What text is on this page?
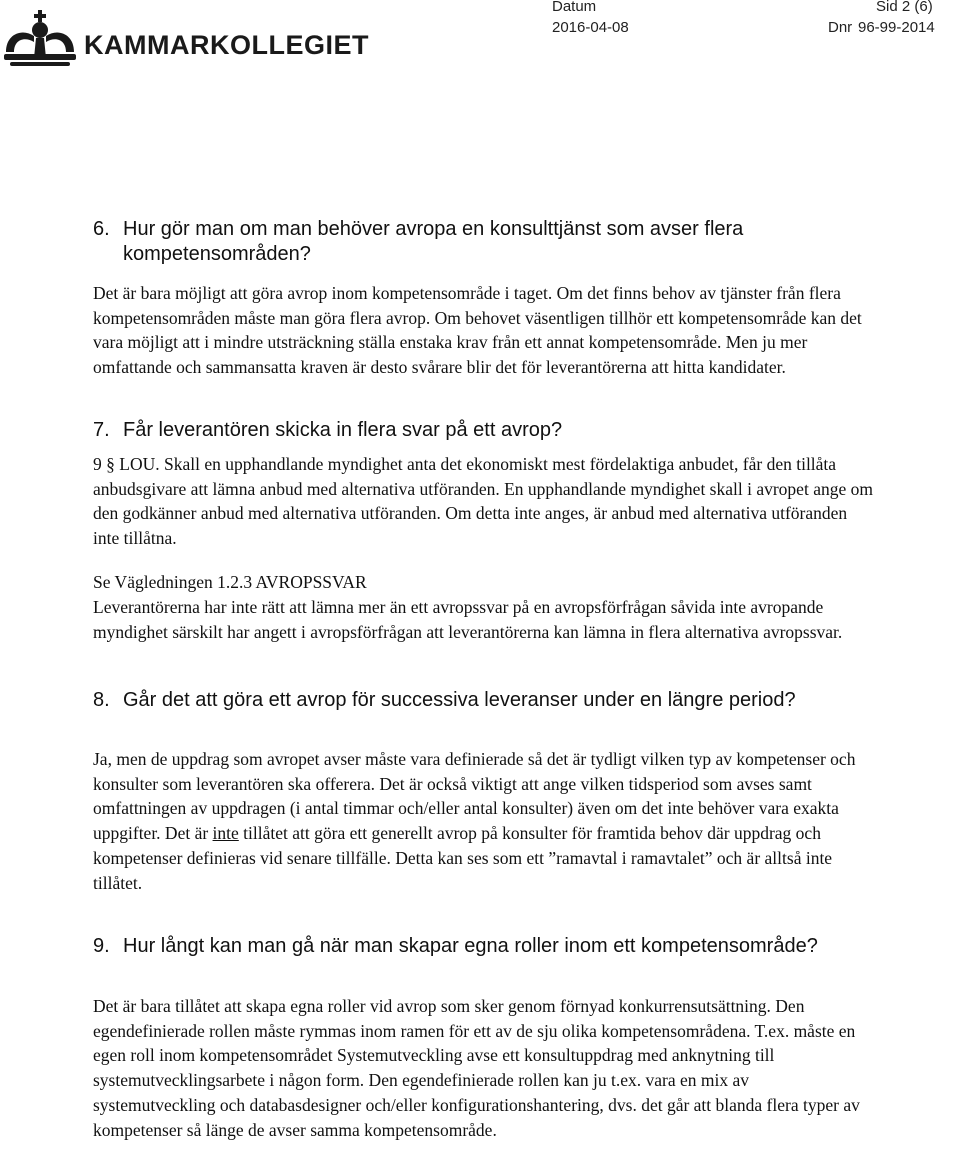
KAMMARKOLLEGIET
Datum
2016-04-08
Sid 2 (6)
Dnr 96-99-2014
6. Hur gör man om man behöver avropa en konsulttjänst som avser flera kompetensområden?
Det är bara möjligt att göra avrop inom kompetensområde i taget. Om det finns behov av tjänster från flera kompetensområden måste man göra flera avrop. Om behovet väsentligen tillhör ett kompetensområde kan det vara möjligt att i mindre utsträckning ställa enstaka krav från ett annat kompetensområde. Men ju mer omfattande och sammansatta kraven är desto svårare blir det för leverantörerna att hitta kandidater.
7. Får leverantören skicka in flera svar på ett avrop?
9 § LOU. Skall en upphandlande myndighet anta det ekonomiskt mest fördelaktiga anbudet, får den tillåta anbudsgivare att lämna anbud med alternativa utföranden. En upphandlande myndighet skall i avropet ange om den godkänner anbud med alternativa utföranden. Om detta inte anges, är anbud med alternativa utföranden inte tillåtna.
Se Vägledningen 1.2.3 AVROPSSVAR
Leverantörerna har inte rätt att lämna mer än ett avropssvar på en avropsförfrågan såvida inte avropande myndighet särskilt har angett i avropsförfrågan att leverantörerna kan lämna in flera alternativa avropssvar.
8. Går det att göra ett avrop för successiva leveranser under en längre period?
Ja, men de uppdrag som avropet avser måste vara definierade så det är tydligt vilken typ av kompetenser och konsulter som leverantören ska offerera. Det är också viktigt att ange vilken tidsperiod som avses samt omfattningen av uppdragen (i antal timmar och/eller antal konsulter) även om det inte behöver vara exakta uppgifter. Det är inte tillåtet att göra ett generellt avrop på konsulter för framtida behov där uppdrag och kompetenser definieras vid senare tillfälle. Detta kan ses som ett ”ramavtal i ramavtalet” och är alltså inte tillåtet.
9. Hur långt kan man gå när man skapar egna roller inom ett kompetensområde?
Det är bara tillåtet att skapa egna roller vid avrop som sker genom förnyad konkurrensutsättning. Den egendefinierade rollen måste rymmas inom ramen för ett av de sju olika kompetensområdena. T.ex. måste en egen roll inom kompetensområdet Systemutveckling avse ett konsultuppdrag med anknytning till systemutvecklingsarbete i någon form. Den egendefinierade rollen kan ju t.ex. vara en mix av systemutveckling och databasdesigner och/eller konfigurationshantering, dvs. det går att blanda flera typer av kompetenser så länge de avser samma kompetensområde.
